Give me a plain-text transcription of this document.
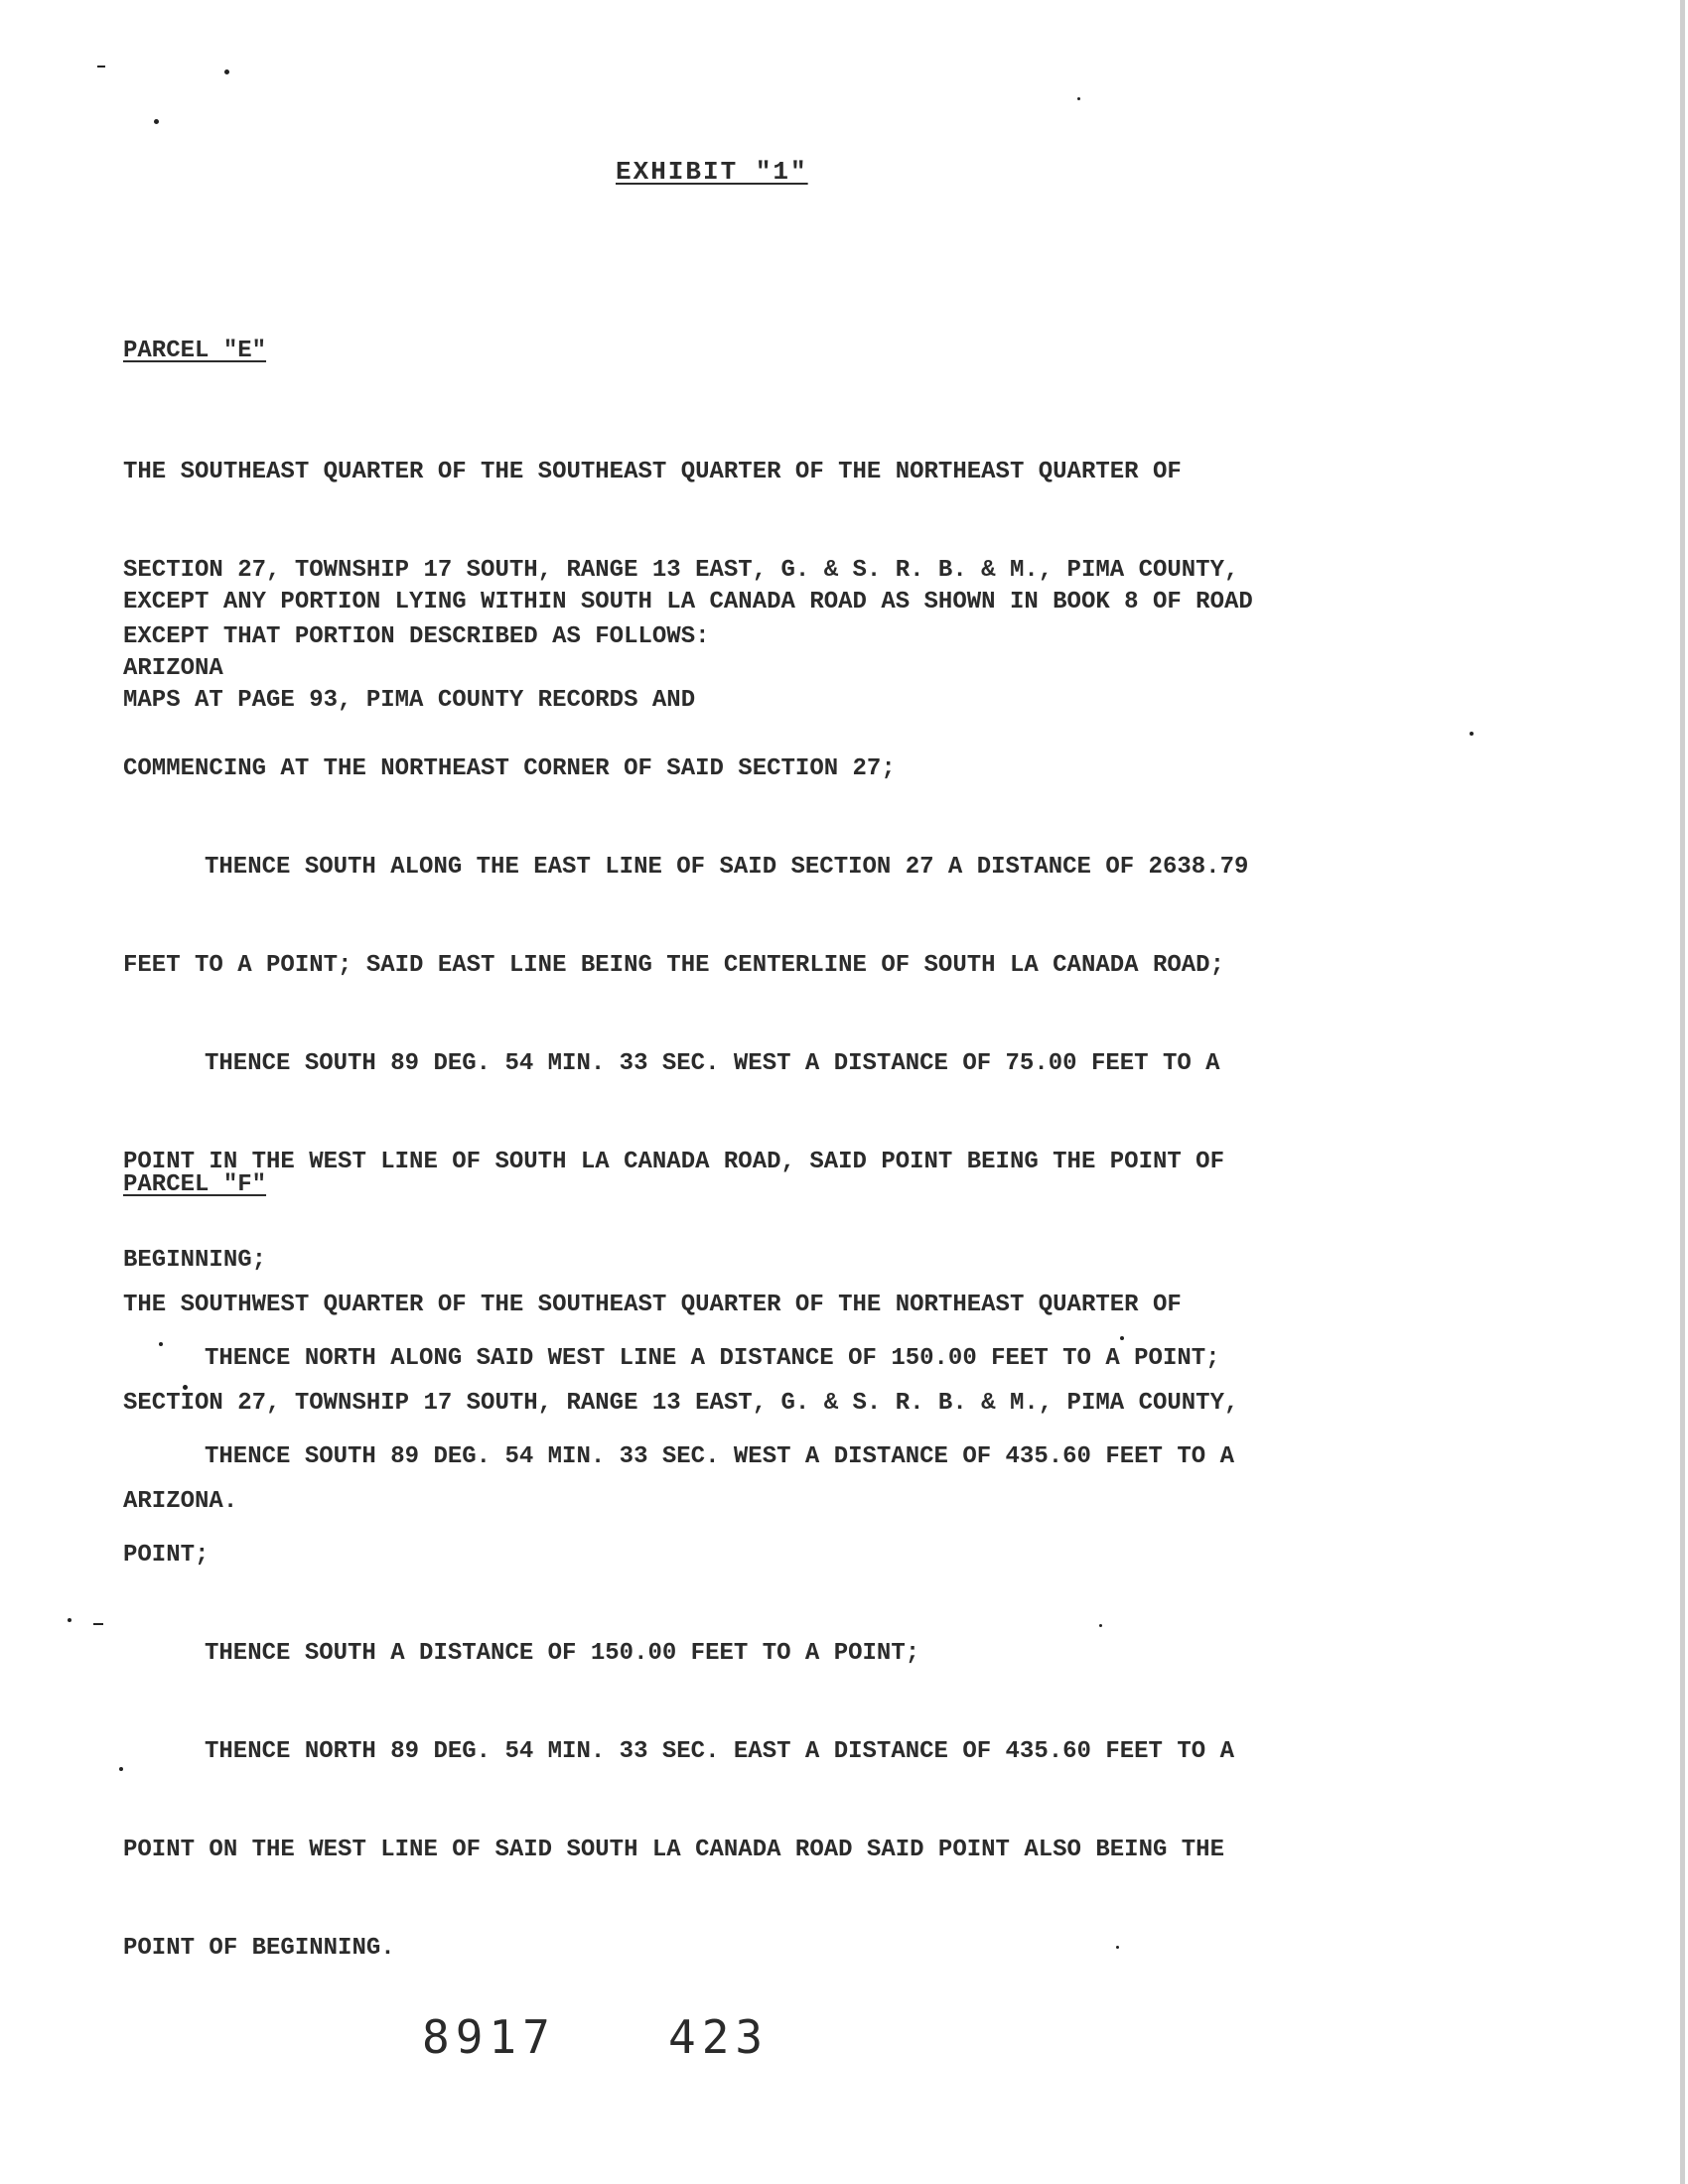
EXHIBIT "1"
PARCEL "E"

THE SOUTHEAST QUARTER OF THE SOUTHEAST QUARTER OF THE NORTHEAST QUARTER OF

SECTION 27, TOWNSHIP 17 SOUTH, RANGE 13 EAST, G. & S. R. B. & M., PIMA COUNTY,

ARIZONA

EXCEPT ANY PORTION LYING WITHIN SOUTH LA CANADA ROAD AS SHOWN IN BOOK 8 OF ROAD

MAPS AT PAGE 93, PIMA COUNTY RECORDS AND

EXCEPT THAT PORTION DESCRIBED AS FOLLOWS:

COMMENCING AT THE NORTHEAST CORNER OF SAID SECTION 27;

THENCE SOUTH ALONG THE EAST LINE OF SAID SECTION 27 A DISTANCE OF 2638.79

FEET TO A POINT; SAID EAST LINE BEING THE CENTERLINE OF SOUTH LA CANADA ROAD;

THENCE SOUTH 89 DEG. 54 MIN. 33 SEC. WEST A DISTANCE OF 75.00 FEET TO A

POINT IN THE WEST LINE OF SOUTH LA CANADA ROAD, SAID POINT BEING THE POINT OF

BEGINNING;

THENCE NORTH ALONG SAID WEST LINE A DISTANCE OF 150.00 FEET TO A POINT;

THENCE SOUTH 89 DEG. 54 MIN. 33 SEC. WEST A DISTANCE OF 435.60 FEET TO A

POINT;

THENCE SOUTH A DISTANCE OF 150.00 FEET TO A POINT;

THENCE NORTH 89 DEG. 54 MIN. 33 SEC. EAST A DISTANCE OF 435.60 FEET TO A

POINT ON THE WEST LINE OF SAID SOUTH LA CANADA ROAD SAID POINT ALSO BEING THE

POINT OF BEGINNING.

PARCEL "F"

THE SOUTHWEST QUARTER OF THE SOUTHEAST QUARTER OF THE NORTHEAST QUARTER OF

SECTION 27, TOWNSHIP 17 SOUTH, RANGE 13 EAST, G. & S. R. B. & M., PIMA COUNTY,

ARIZONA.

8917 423
